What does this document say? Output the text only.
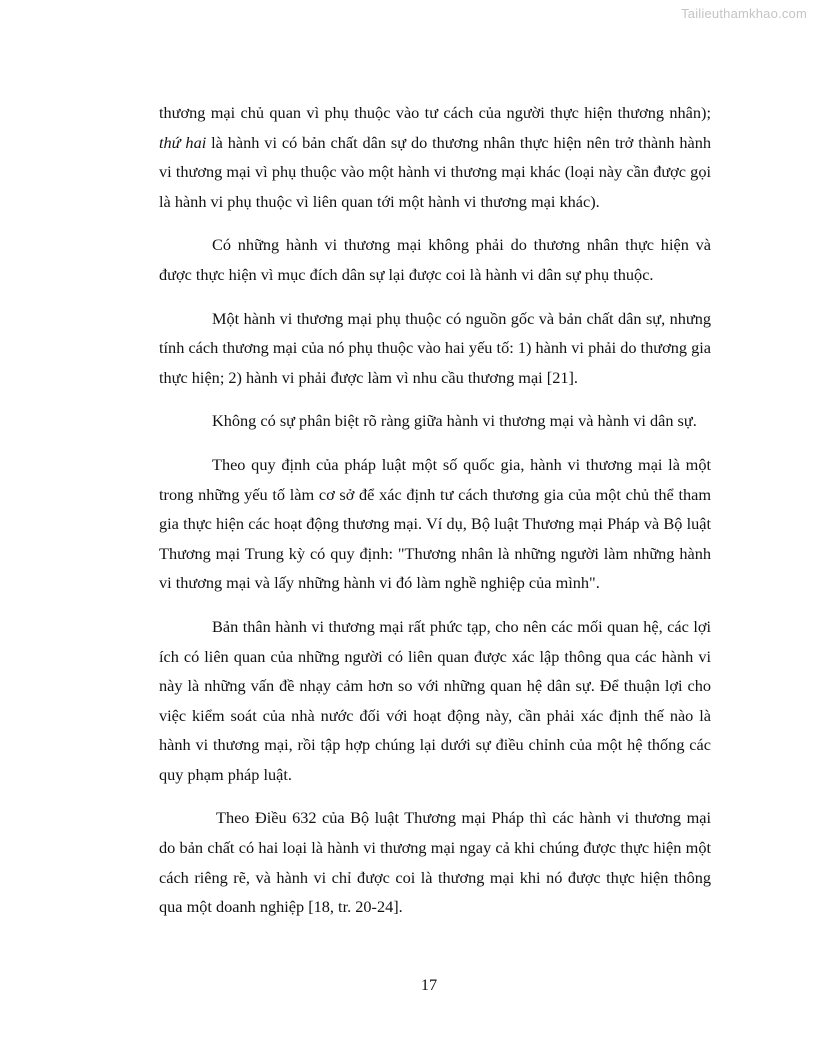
Tailieuthamkhao.com

thương mại chủ quan vì phụ thuộc vào tư cách của người thực hiện thương nhân); thứ hai là hành vi có bản chất dân sự do thương nhân thực hiện nên trở thành hành vi thương mại vì phụ thuộc vào một hành vi thương mại khác (loại này cần được gọi là hành vi phụ thuộc vì liên quan tới một hành vi thương mại khác).

Có những hành vi thương mại không phải do thương nhân thực hiện và được thực hiện vì mục đích dân sự lại được coi là hành vi dân sự phụ thuộc.

Một hành vi thương mại phụ thuộc có nguồn gốc và bản chất dân sự, nhưng tính cách thương mại của nó phụ thuộc vào hai yếu tố: 1) hành vi phải do thương gia thực hiện; 2) hành vi phải được làm vì nhu cầu thương mại [21].

Không có sự phân biệt rõ ràng giữa hành vi thương mại và hành vi dân sự.

Theo quy định của pháp luật một số quốc gia, hành vi thương mại là một trong những yếu tố làm cơ sở để xác định tư cách thương gia của một chủ thể tham gia thực hiện các hoạt động thương mại. Ví dụ, Bộ luật Thương mại Pháp và Bộ luật Thương mại Trung kỳ có quy định: "Thương nhân là những người làm những hành vi thương mại và lấy những hành vi đó làm nghề nghiệp của mình".

Bản thân hành vi thương mại rất phức tạp, cho nên các mối quan hệ, các lợi ích có liên quan của những người có liên quan được xác lập thông qua các hành vi này là những vấn đề nhạy cảm hơn so với những quan hệ dân sự. Để thuận lợi cho việc kiểm soát của nhà nước đối với hoạt động này, cần phải xác định thế nào là hành vi thương mại, rồi tập hợp chúng lại dưới sự điều chỉnh của một hệ thống các quy phạm pháp luật.

Theo Điều 632 của Bộ luật Thương mại Pháp thì các hành vi thương mại do bản chất có hai loại là hành vi thương mại ngay cả khi chúng được thực hiện một cách riêng rẽ, và hành vi chỉ được coi là thương mại khi nó được thực hiện thông qua một doanh nghiệp [18, tr. 20-24].

17
